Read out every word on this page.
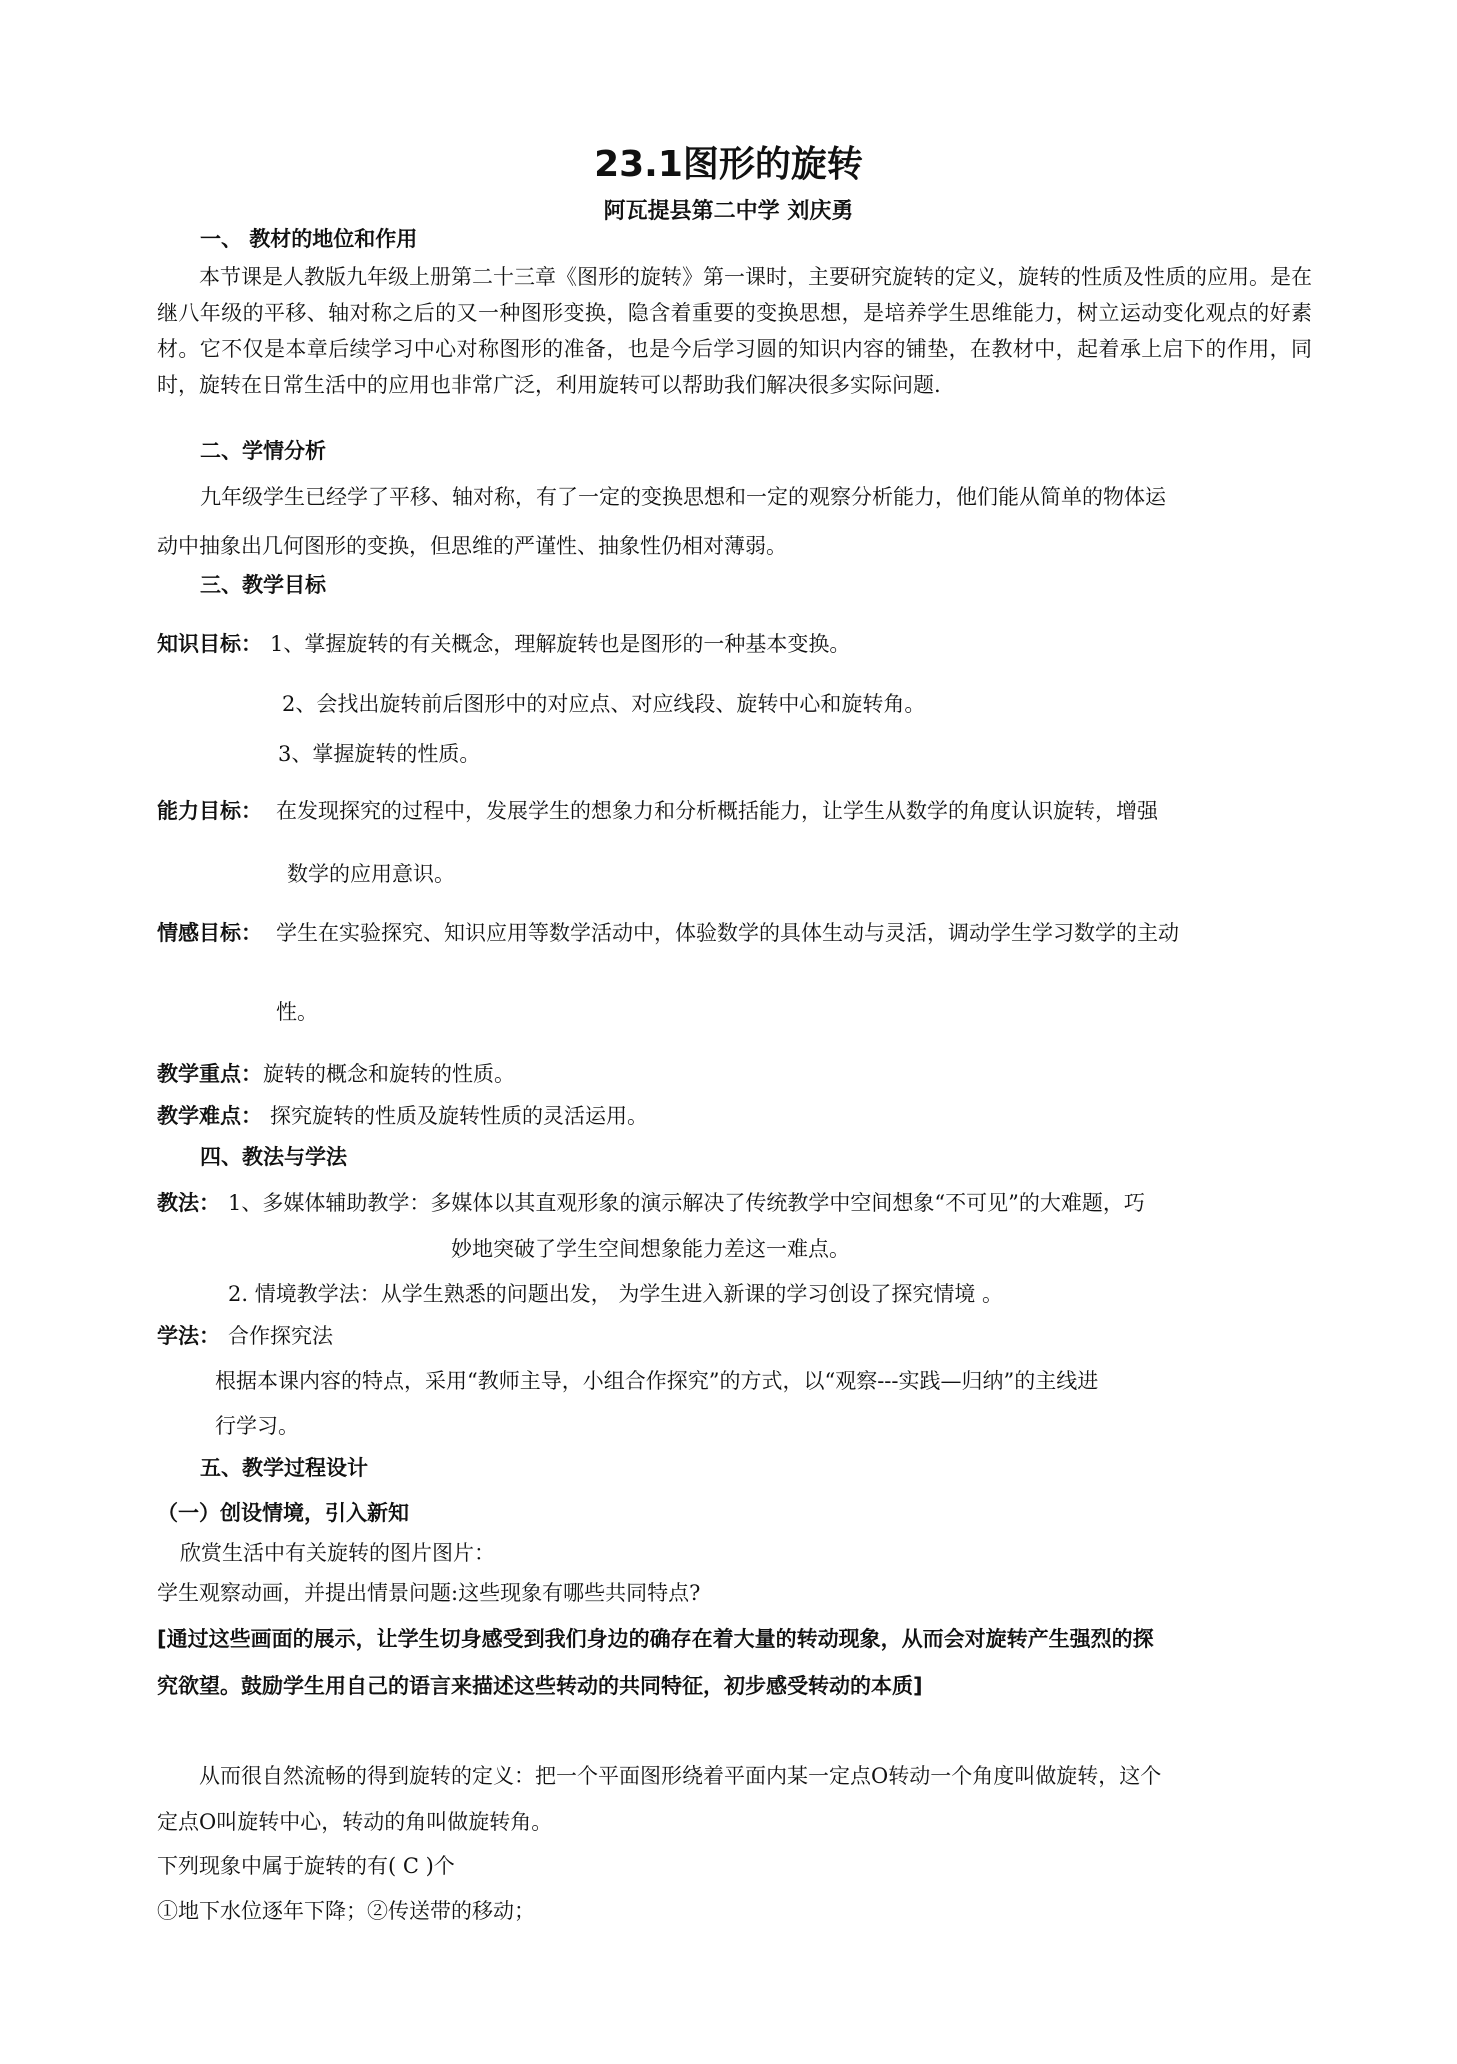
23.1图形的旋转
阿瓦提县第二中学 刘庆勇
一、 教材的地位和作用
本节课是人教版九年级上册第二十三章《图形的旋转》第一课时，主要研究旋转的定义，旋转的性质及性质的应用。是在继八年级的平移、轴对称之后的又一种图形变换，隐含着重要的变换思想，是培养学生思维能力，树立运动变化观点的好素材。它不仅是本章后续学习中心对称图形的准备，也是今后学习圆的知识内容的铺垫，在教材中，起着承上启下的作用，同时，旋转在日常生活中的应用也非常广泛，利用旋转可以帮助我们解决很多实际问题.
二、学情分析
九年级学生已经学了平移、轴对称，有了一定的变换思想和一定的观察分析能力，他们能从简单的物体运
动中抽象出几何图形的变换，但思维的严谨性、抽象性仍相对薄弱。
三、教学目标
知识目标： 1、掌握旋转的有关概念，理解旋转也是图形的一种基本变换。
2、会找出旋转前后图形中的对应点、对应线段、旋转中心和旋转角。
3、掌握旋转的性质。
能力目标： 在发现探究的过程中，发展学生的想象力和分析概括能力，让学生从数学的角度认识旋转，增强
数学的应用意识。
情感目标： 学生在实验探究、知识应用等数学活动中，体验数学的具体生动与灵活，调动学生学习数学的主动
性。
教学重点： 旋转的概念和旋转的性质。
教学难点： 探究旋转的性质及旋转性质的灵活运用。
四、教法与学法
教法： 1、多媒体辅助教学：多媒体以其直观形象的演示解决了传统教学中空间想象“不可见”的大难题，巧
妙地突破了学生空间想象能力差这一难点。
2. 情境教学法：从学生熟悉的问题出发， 为学生进入新课的学习创设了探究情境 。
学法： 合作探究法
根据本课内容的特点，采用“教师主导，小组合作探究”的方式，以“观察---实践—归纳”的主线进
行学习。
五、教学过程设计
（一）创设情境，引入新知
欣赏生活中有关旋转的图片图片：
学生观察动画，并提出情景问题:这些现象有哪些共同特点?
[通过这些画面的展示，让学生切身感受到我们身边的确存在着大量的转动现象，从而会对旋转产生强烈的探
究欲望。鼓励学生用自己的语言来描述这些转动的共同特征，初步感受转动的本质]
从而很自然流畅的得到旋转的定义：把一个平面图形绕着平面内某一定点O转动一个角度叫做旋转，这个
定点O叫旋转中心，转动的角叫做旋转角。
下列现象中属于旋转的有( C )个
①地下水位逐年下降；②传送带的移动；
